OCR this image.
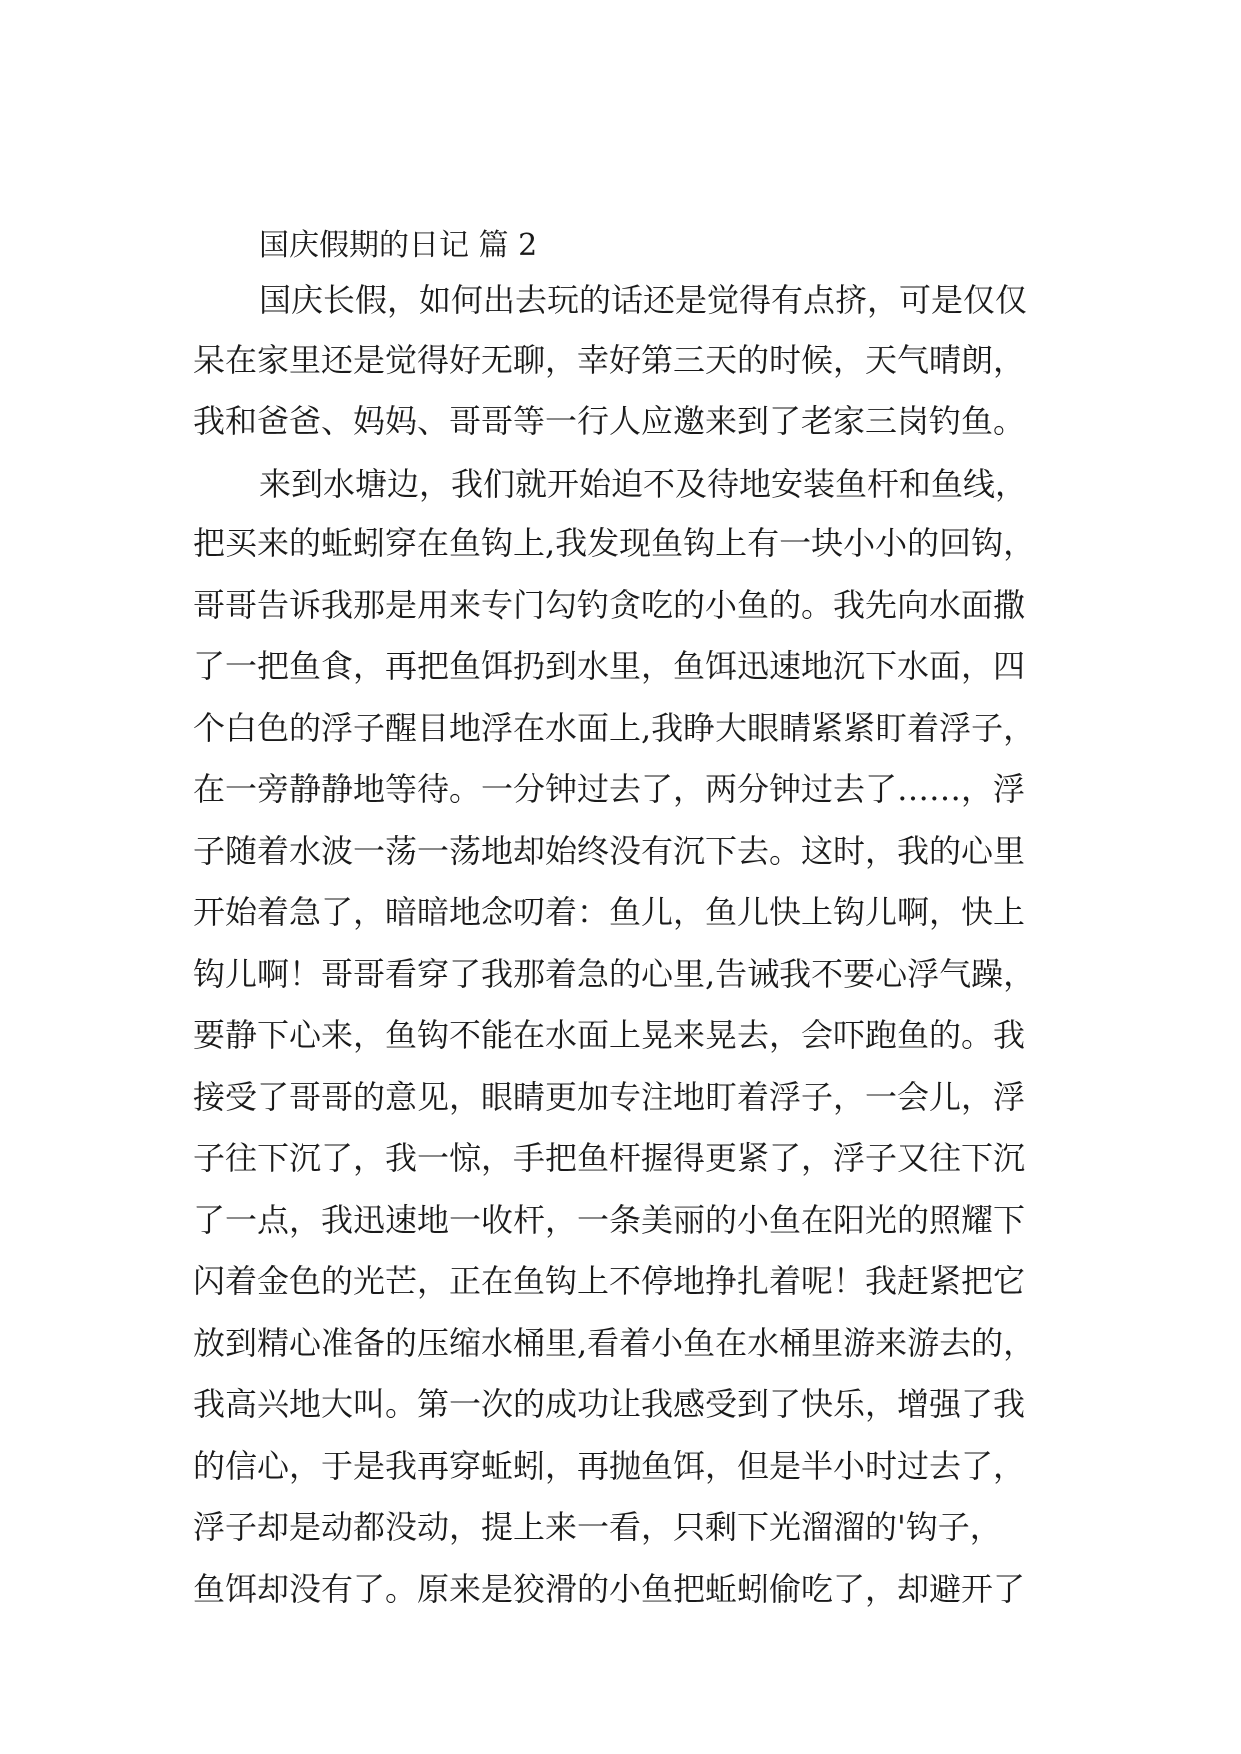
国庆假期的日记 篇 2
国庆长假，如何出去玩的话还是觉得有点挤，可是仅仅
呆在家里还是觉得好无聊，幸好第三天的时候，天气晴朗，
我和爸爸、妈妈、哥哥等一行人应邀来到了老家三岗钓鱼。
来到水塘边，我们就开始迫不及待地安装鱼杆和鱼线，
把买来的蚯蚓穿在鱼钩上,我发现鱼钩上有一块小小的回钩，
哥哥告诉我那是用来专门勾钓贪吃的小鱼的。我先向水面撒
了一把鱼食，再把鱼饵扔到水里，鱼饵迅速地沉下水面，四
个白色的浮子醒目地浮在水面上,我睁大眼睛紧紧盯着浮子，
在一旁静静地等待。一分钟过去了，两分钟过去了……，浮
子随着水波一荡一荡地却始终没有沉下去。这时，我的心里
开始着急了，暗暗地念叨着：鱼儿，鱼儿快上钩儿啊，快上
钩儿啊！哥哥看穿了我那着急的心里,告诫我不要心浮气躁，
要静下心来，鱼钩不能在水面上晃来晃去，会吓跑鱼的。我
接受了哥哥的意见，眼睛更加专注地盯着浮子，一会儿，浮
子往下沉了，我一惊，手把鱼杆握得更紧了，浮子又往下沉
了一点，我迅速地一收杆，一条美丽的小鱼在阳光的照耀下
闪着金色的光芒，正在鱼钩上不停地挣扎着呢！我赶紧把它
放到精心准备的压缩水桶里,看着小鱼在水桶里游来游去的，
我高兴地大叫。第一次的成功让我感受到了快乐，增强了我
的信心，于是我再穿蚯蚓，再抛鱼饵，但是半小时过去了，
浮子却是动都没动，提上来一看，只剩下光溜溜的'钩子，
鱼饵却没有了。原来是狡滑的小鱼把蚯蚓偷吃了，却避开了
